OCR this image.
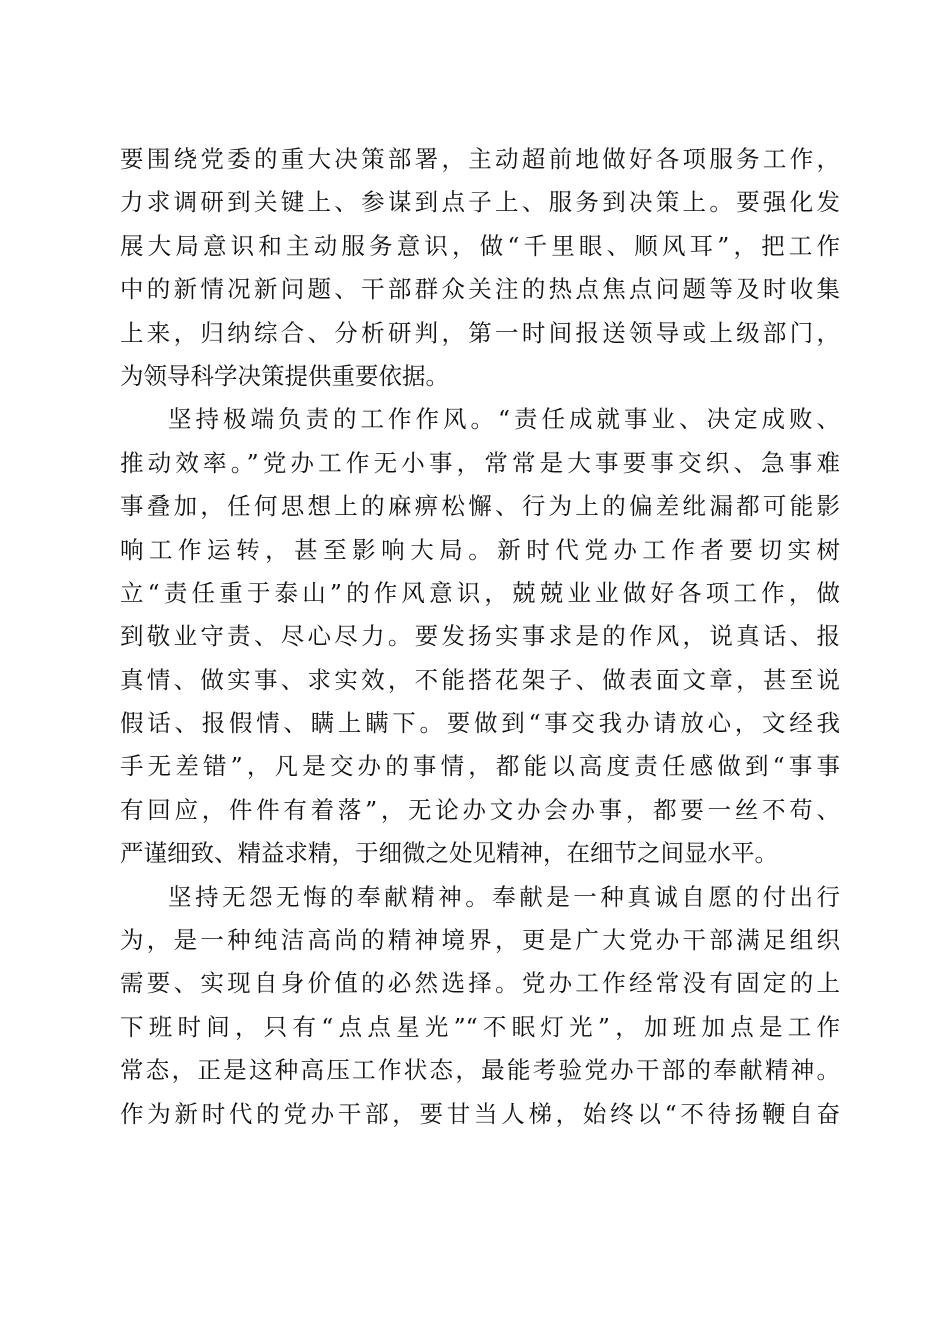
要围绕党委的重大决策部署，主动超前地做好各项服务工作，
力求调研到关键上、参谋到点子上、服务到决策上。要强化发
展大局意识和主动服务意识，做“千里眼、顺风耳”，把工作
中的新情况新问题、干部群众关注的热点焦点问题等及时收集
上来，归纳综合、分析研判，第一时间报送领导或上级部门，
为领导科学决策提供重要依据。
坚持极端负责的工作作风。“责任成就事业、决定成败、
推动效率。”党办工作无小事，常常是大事要事交织、急事难
事叠加，任何思想上的麻痹松懈、行为上的偏差纰漏都可能影
响工作运转，甚至影响大局。新时代党办工作者要切实树
立“责任重于泰山”的作风意识，兢兢业业做好各项工作，做
到敬业守责、尽心尽力。要发扬实事求是的作风，说真话、报
真情、做实事、求实效，不能搭花架子、做表面文章，甚至说
假话、报假情、瞒上瞒下。要做到“事交我办请放心，文经我
手无差错”，凡是交办的事情，都能以高度责任感做到“事事
有回应，件件有着落”，无论办文办会办事，都要一丝不苟、
严谨细致、精益求精，于细微之处见精神，在细节之间显水平。
坚持无怨无悔的奉献精神。奉献是一种真诚自愿的付出行
为，是一种纯洁高尚的精神境界，更是广大党办干部满足组织
需要、实现自身价值的必然选择。党办工作经常没有固定的上
下班时间，只有“点点星光”“不眠灯光”，加班加点是工作
常态，正是这种高压工作状态，最能考验党办干部的奉献精神。
作为新时代的党办干部，要甘当人梯，始终以“不待扬鞭自奋
